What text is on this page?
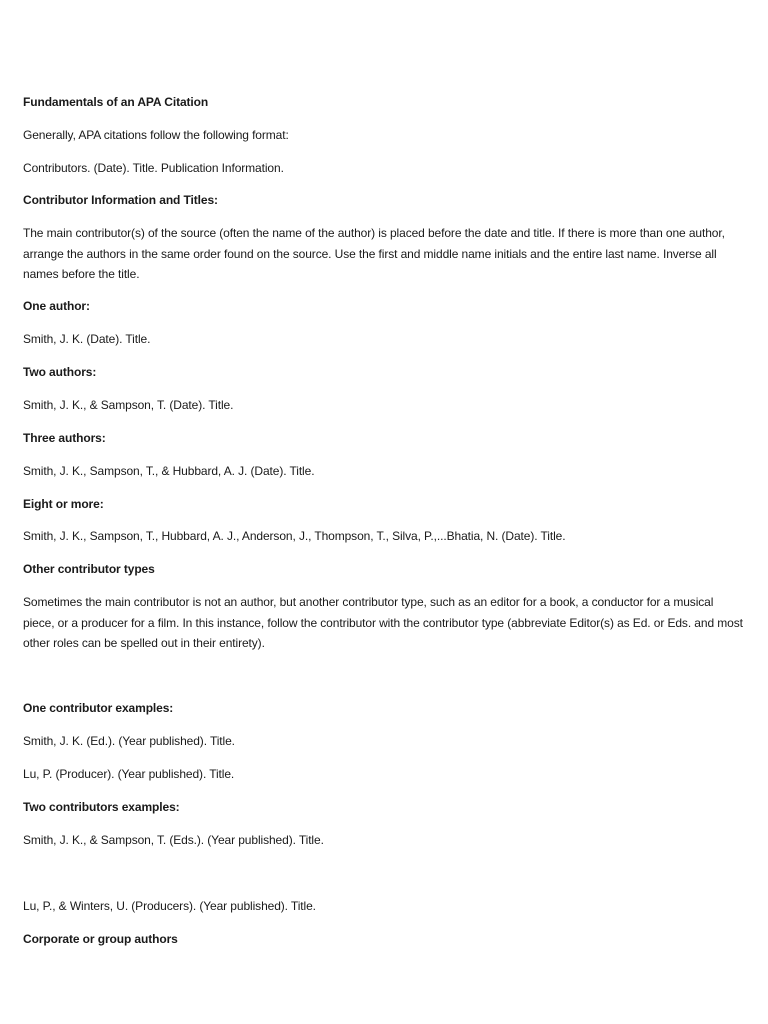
Fundamentals of an APA Citation

Generally, APA citations follow the following format:

Contributors. (Date). Title. Publication Information.

Contributor Information and Titles:

The main contributor(s) of the source (often the name of the author) is placed before the date and title. If there is more than one author, arrange the authors in the same order found on the source. Use the first and middle name initials and the entire last name. Inverse all names before the title.

One author:

Smith, J. K. (Date). Title.

Two authors:

Smith, J. K., & Sampson, T. (Date). Title.

Three authors:

Smith, J. K., Sampson, T., & Hubbard, A. J. (Date). Title.

Eight or more:

Smith, J. K., Sampson, T., Hubbard, A. J., Anderson, J., Thompson, T., Silva, P.,...Bhatia, N. (Date). Title.

Other contributor types

Sometimes the main contributor is not an author, but another contributor type, such as an editor for a book, a conductor for a musical piece, or a producer for a film. In this instance, follow the contributor with the contributor type (abbreviate Editor(s) as Ed. or Eds. and most other roles can be spelled out in their entirety).

One contributor examples:

Smith, J. K. (Ed.). (Year published). Title.

Lu, P. (Producer). (Year published). Title.

Two contributors examples:

Smith, J. K., & Sampson, T. (Eds.). (Year published). Title.

Lu, P., & Winters, U. (Producers). (Year published). Title.

Corporate or group authors
